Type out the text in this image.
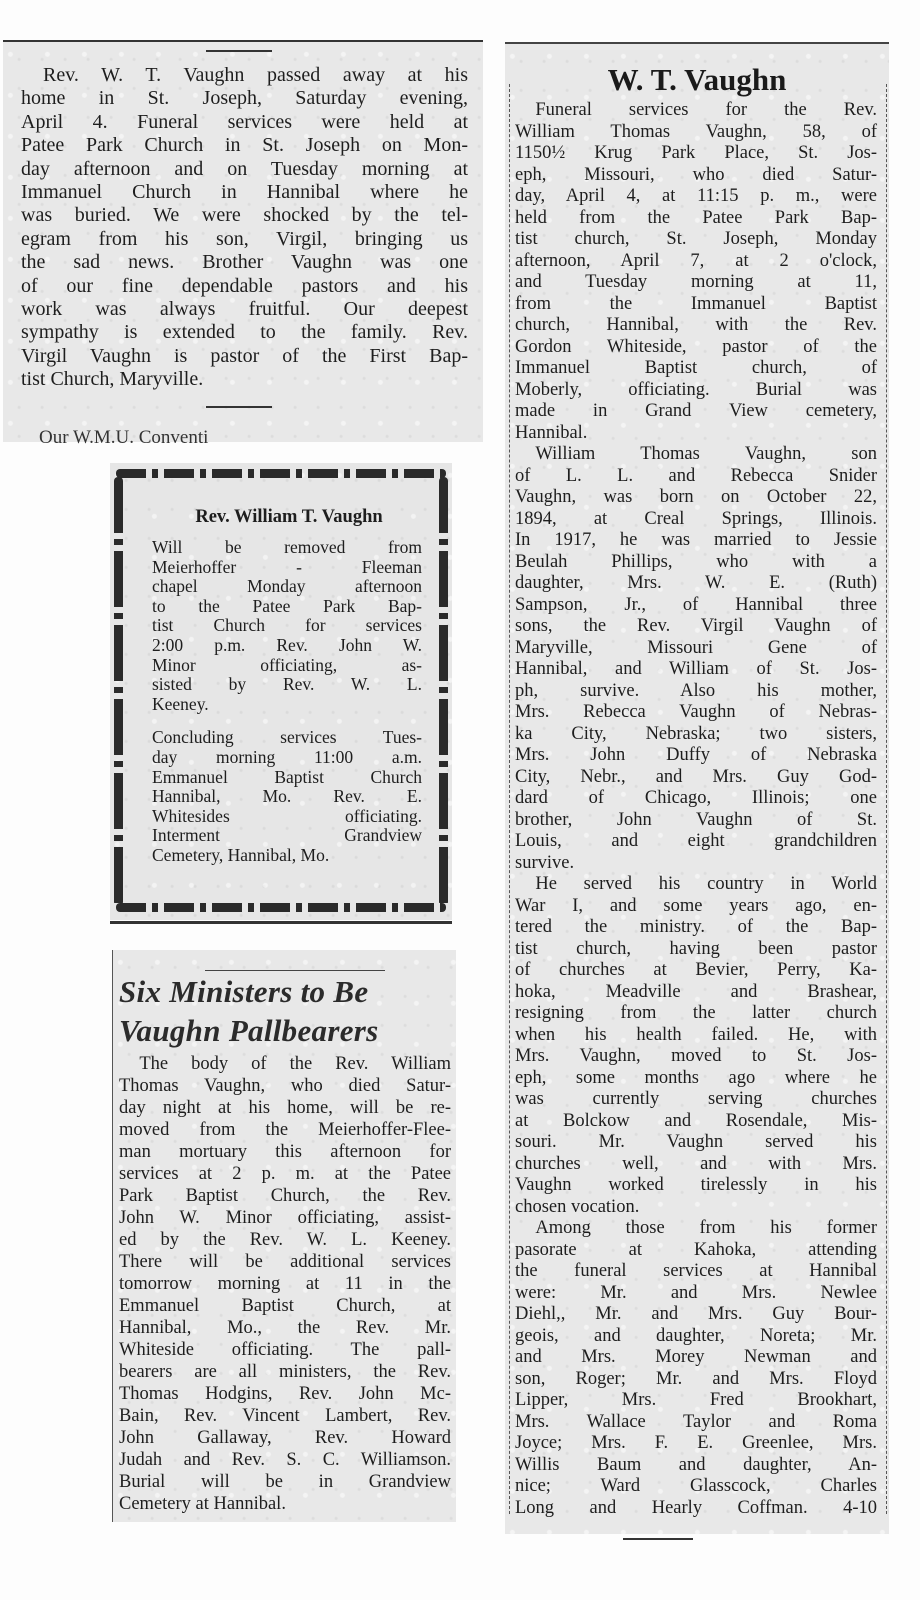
Rev. W. T. Vaughn passed away at his
home in St. Joseph, Saturday evening,
April 4. Funeral services were held at
Patee Park Church in St. Joseph on Mon-
day afternoon and on Tuesday morning at
Immanuel Church in Hannibal where he
was buried. We were shocked by the tel-
egram from his son, Virgil, bringing us
the sad news. Brother Vaughn was one
of our fine dependable pastors and his
work was always fruitful. Our deepest
sympathy is extended to the family. Rev.
Virgil Vaughn is pastor of the First Bap-
tist Church, Maryville.
Our W.M.U. Conventi
Rev. William T. Vaughn
Will be removed from
Meierhoffer - Fleeman
chapel Monday afternoon
to the Patee Park Bap-
tist Church for services
2:00 p.m. Rev. John W.
Minor officiating, as-
sisted by Rev. W. L.
Keeney.
Concluding services Tues-
day morning 11:00 a.m.
Emmanuel Baptist Church
Hannibal, Mo. Rev. E.
Whitesides officiating.
Interment Grandview
Cemetery, Hannibal, Mo.
Six Ministers to Be
Vaughn Pallbearers
The body of the Rev. William
Thomas Vaughn, who died Satur-
day night at his home, will be re-
moved from the Meierhoffer-Flee-
man mortuary this afternoon for
services at 2 p. m. at the Patee
Park Baptist Church, the Rev.
John W. Minor officiating, assist-
ed by the Rev. W. L. Keeney.
There will be additional services
tomorrow morning at 11 in the
Emmanuel Baptist Church, at
Hannibal, Mo., the Rev. Mr.
Whiteside officiating. The pall-
bearers are all ministers, the Rev.
Thomas Hodgins, Rev. John Mc-
Bain, Rev. Vincent Lambert, Rev.
John Gallaway, Rev. Howard
Judah and Rev. S. C. Williamson.
Burial will be in Grandview
Cemetery at Hannibal.
W. T. Vaughn
Funeral services for the Rev.
William Thomas Vaughn, 58, of
1150½ Krug Park Place, St. Jos-
eph, Missouri, who died Satur-
day, April 4, at 11:15 p. m., were
held from the Patee Park Bap-
tist church, St. Joseph, Monday
afternoon, April 7, at 2 o'clock,
and Tuesday morning at 11,
from the Immanuel Baptist
church, Hannibal, with the Rev.
Gordon Whiteside, pastor of the
Immanuel Baptist church, of
Moberly, officiating. Burial was
made in Grand View cemetery,
Hannibal.
William Thomas Vaughn, son
of L. L. and Rebecca Snider
Vaughn, was born on October 22,
1894, at Creal Springs, Illinois.
In 1917, he was married to Jessie
Beulah Phillips, who with a
daughter, Mrs. W. E. (Ruth)
Sampson, Jr., of Hannibal three
sons, the Rev. Virgil Vaughn of
Maryville, Missouri Gene of
Hannibal, and William of St. Jos-
ph, survive. Also his mother,
Mrs. Rebecca Vaughn of Nebras-
ka City, Nebraska; two sisters,
Mrs. John Duffy of Nebraska
City, Nebr., and Mrs. Guy God-
dard of Chicago, Illinois; one
brother, John Vaughn of St.
Louis, and eight grandchildren
survive.
He served his country in World
War I, and some years ago, en-
tered the ministry. of the Bap-
tist church, having been pastor
of churches at Bevier, Perry, Ka-
hoka, Meadville and Brashear,
resigning from the latter church
when his health failed. He, with
Mrs. Vaughn, moved to St. Jos-
eph, some months ago where he
was currently serving churches
at Bolckow and Rosendale, Mis-
souri. Mr. Vaughn served his
churches well, and with Mrs.
Vaughn worked tirelessly in his
chosen vocation.
Among those from his former
pasorate at Kahoka, attending
the funeral services at Hannibal
were: Mr. and Mrs. Newlee
Diehl,, Mr. and Mrs. Guy Bour-
geois, and daughter, Noreta; Mr.
and Mrs. Morey Newman and
son, Roger; Mr. and Mrs. Floyd
Lipper, Mrs. Fred Brookhart,
Mrs. Wallace Taylor and Roma
Joyce; Mrs. F. E. Greenlee, Mrs.
Willis Baum and daughter, An-
nice; Ward Glasscock, Charles
Long and Hearly Coffman. 4-10
